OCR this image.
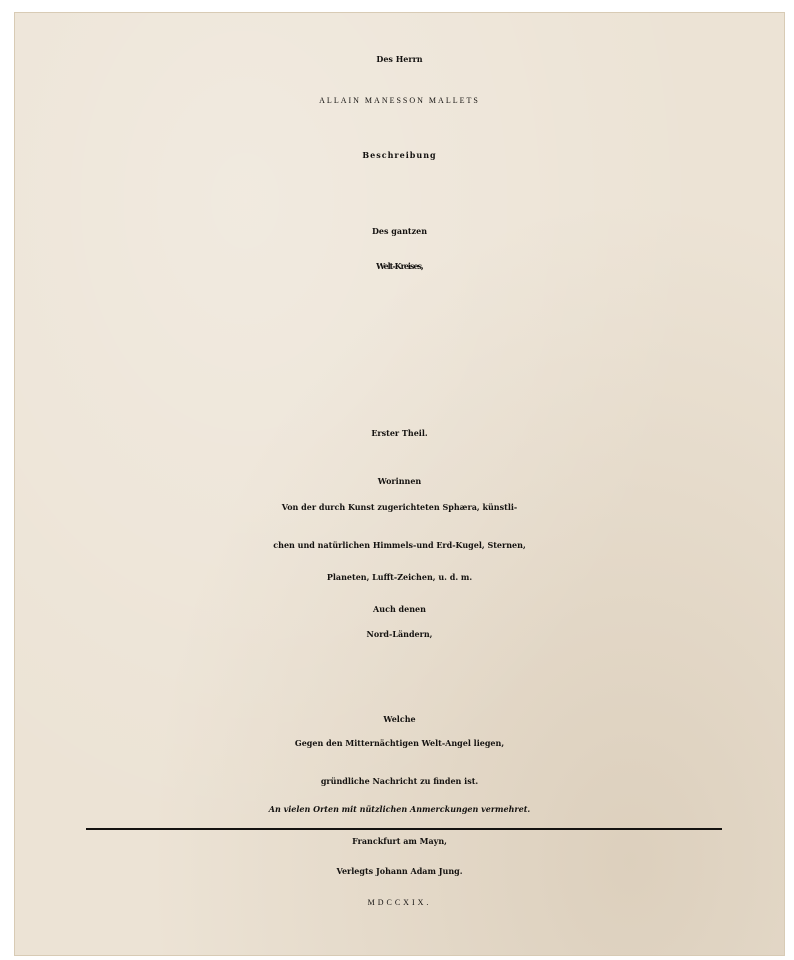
Des Herrn
ALLAIN MANESSON MALLETS
Beschreibung
Des gantzen
Welt-Kreises,
Erster Theil.
Worinnen
Von der durch Kunst zugerichteten Sphæra, künstli-
chen und natürlichen Himmels-und Erd-Kugel, Sternen,
Planeten, Lufft-Zeichen, u. d. m.
Auch denen
Nord-Ländern,
Welche
Gegen den Mitternächtigen Welt-Angel liegen,
gründliche Nachricht zu finden ist.
An vielen Orten mit nützlichen Anmerckungen vermehret.
Franckfurt am Mayn,
Verlegts Johann Adam Jung.
MDCCXIX.
